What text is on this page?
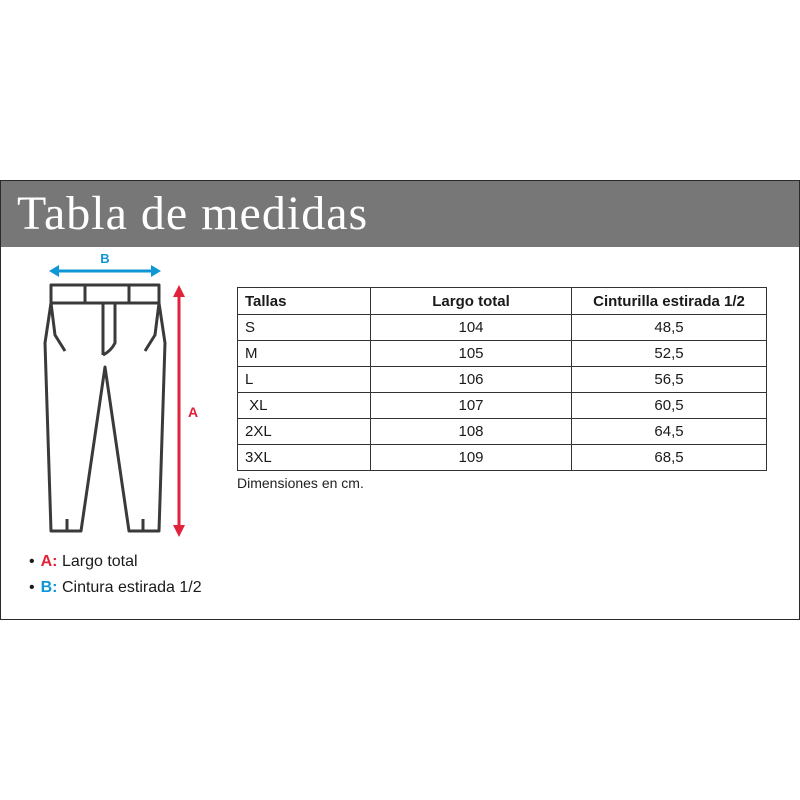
Tabla de medidas
B
A
Tallas	Largo total	Cinturilla estirada 1/2
S	104	48,5
M	105	52,5
L	106	56,5
XL	107	60,5
2XL	108	64,5
3XL	109	68,5
Dimensiones en cm.
• A: Largo total
• B: Cintura estirada 1/2
